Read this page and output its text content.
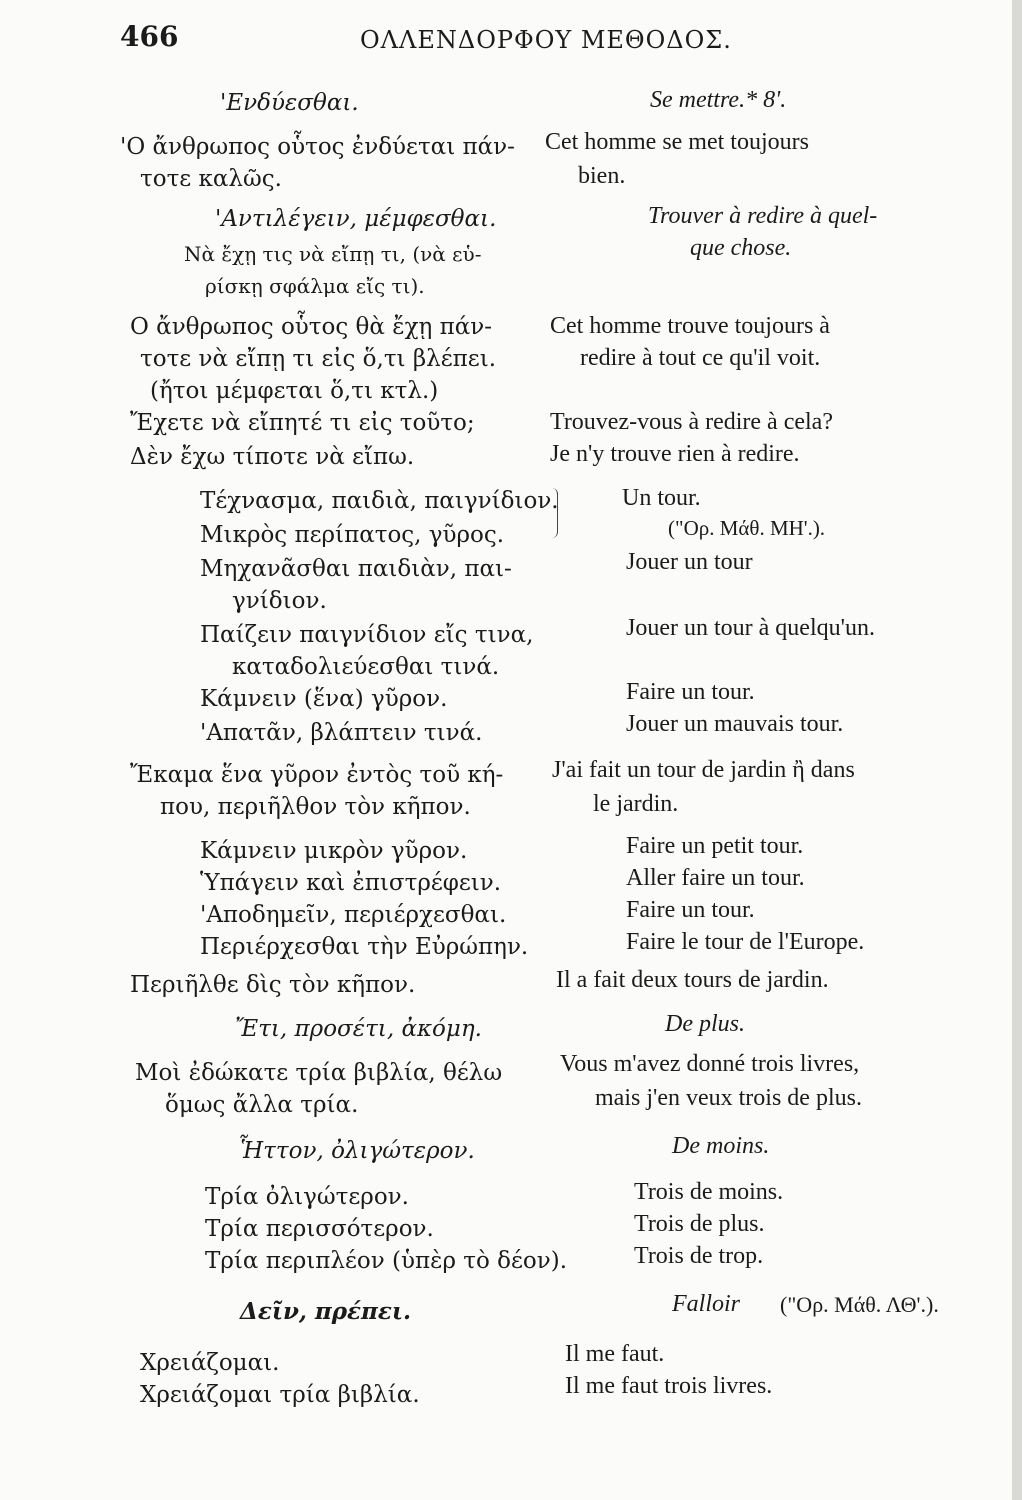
466	ΟΛΛΕΝΔΟΡΦΟΥ ΜΕΘΟΔΟΣ.
'Ενδύεσθαι.
'Ο ἄνθρωπος οὗτος ἐνδύεται πάν-
τοτε καλῶς.
'Αντιλέγειν, μέμφεσθαι.
Νὰ ἔχῃ τις νὰ εἴπῃ τι, (νὰ εὑ-
ρίσκῃ σφάλμα εἴς τι).
Ο ἄνθρωπος οὗτος θὰ ἔχῃ πάν-
τοτε νὰ εἴπῃ τι εἰς ὅ,τι βλέπει.
(ἤτοι μέμφεται ὅ,τι κτλ.)
Ἔχετε νὰ εἴπητέ τι εἰς τοῦτο;
Δὲν ἔχω τίποτε νὰ εἴπω.
Τέχνασμα, παιδιὰ, παιγνίδιον.
Μικρὸς περίπατος, γῦρος.
Μηχανᾶσθαι παιδιὰν, παι-
γνίδιον.
Παίζειν παιγνίδιον εἴς τινα,
καταδολιεύεσθαι τινά.
Κάμνειν (ἕνα) γῦρον.
'Απατᾶν, βλάπτειν τινά.
Ἔκαμα ἕνα γῦρον ἐντὸς τοῦ κή-
που, περιῆλθον τὸν κῆπον.
Κάμνειν μικρὸν γῦρον.
Ὑπάγειν καὶ ἐπιστρέφειν.
'Αποδημεῖν, περιέρχεσθαι.
Περιέρχεσθαι τὴν Εὐρώπην.
Περιῆλθε δὶς τὸν κῆπον.
Ἔτι, προσέτι, ἀκόμη.
Μοὶ ἐδώκατε τρία βιβλία, θέλω
ὅμως ἄλλα τρία.
Ἧττον, ὀλιγώτερον.
Τρία ὀλιγώτερον.
Τρία περισσότερον.
Τρία περιπλέον (ὑπὲρ τὸ δέον).
Δεῖν, πρέπει.
Χρειάζομαι.
Χρειάζομαι τρία βιβλία.
Se mettre.* 8'.
Cet homme se met toujours
bien.
Trouver à redire à quel-
que chose.
Cet homme trouve toujours à
redire à tout ce qu'il voit.
Trouvez-vous à redire à cela?
Je n'y trouve rien à redire.
Un tour.
("Ορ. Μάθ. ΜΗ'.).
Jouer un tour
Jouer un tour à quelqu'un.
Faire un tour.
Jouer un mauvais tour.
J'ai fait un tour de jardin ἢ dans
le jardin.
Faire un petit tour.
Aller faire un tour.
Faire un tour.
Faire le tour de l'Europe.
Il a fait deux tours de jardin.
De plus.
Vous m'avez donné trois livres,
mais j'en veux trois de plus.
De moins.
Trois de moins.
Trois de plus.
Trois de trop.
Falloir ("Ορ. Μάθ. ΛΘ'.).
Il me faut.
Il me faut trois livres.
